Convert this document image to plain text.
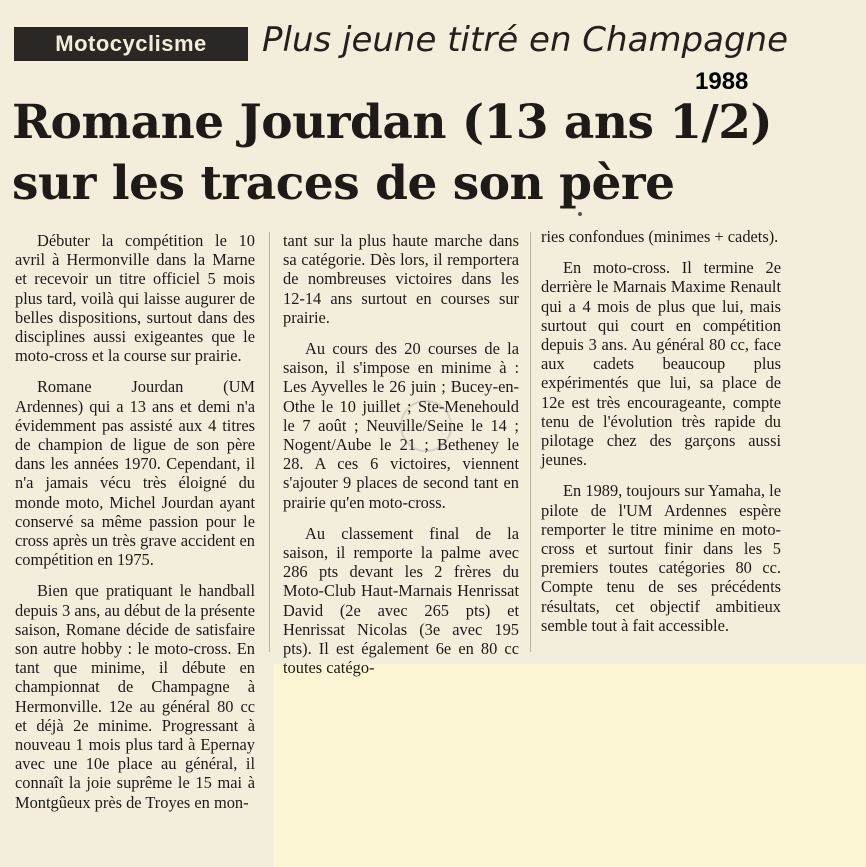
Motocyclisme	Plus jeune titré en Champagne
1988
Romane Jourdan (13 ans 1/2)
sur les traces de son père

Débuter la compétition le 10 avril à Hermonville dans la Marne et recevoir un titre officiel 5 mois plus tard, voilà qui laisse augurer de belles dispositions, surtout dans des disciplines aussi exigeantes que le moto-cross et la course sur prairie.

Romane Jourdan (UM Ardennes) qui a 13 ans et demi n'a évidemment pas assisté aux 4 titres de champion de ligue de son père dans les années 1970. Cependant, il n'a jamais vécu très éloigné du monde moto, Michel Jourdan ayant conservé sa même passion pour le cross après un très grave accident en compétition en 1975.

Bien que pratiquant le handball depuis 3 ans, au début de la présente saison, Romane décide de satisfaire son autre hobby : le moto-cross. En tant que minime, il débute en championnat de Champagne à Hermonville. 12e au général 80 cc et déjà 2e minime. Progressant à nouveau 1 mois plus tard à Epernay avec une 10e place au général, il connaît la joie suprême le 15 mai à Montgûeux près de Troyes en mon-

tant sur la plus haute marche dans sa catégorie. Dès lors, il remportera de nombreuses victoires dans les 12-14 ans surtout en courses sur prairie.

Au cours des 20 courses de la saison, il s'impose en minime à : Les Ayvelles le 26 juin ; Bucey-en-Othe le 10 juillet ; Ste-Menehould le 7 août ; Neuville/Seine le 14 ; Nogent/Aube le 21 ; Betheney le 28. A ces 6 victoires, viennent s'ajouter 9 places de second tant en prairie qu'en moto-cross.

Au classement final de la saison, il remporte la palme avec 286 pts devant les 2 frères du Moto-Club Haut-Marnais Henrissat David (2e avec 265 pts) et Henrissat Nicolas (3e avec 195 pts). Il est également 6e en 80 cc toutes catégo-

ries confondues (minimes + cadets).

En moto-cross. Il termine 2e derrière le Marnais Maxime Renault qui a 4 mois de plus que lui, mais surtout qui court en compétition depuis 3 ans. Au général 80 cc, face aux cadets beaucoup plus expérimentés que lui, sa place de 12e est très encourageante, compte tenu de l'évolution très rapide du pilotage chez des garçons aussi jeunes.

En 1989, toujours sur Yamaha, le pilote de l'UM Ardennes espère remporter le titre minime en moto-cross et surtout finir dans les 5 premiers toutes catégories 80 cc. Compte tenu de ses précédents résultats, cet objectif ambitieux semble tout à fait accessible.
